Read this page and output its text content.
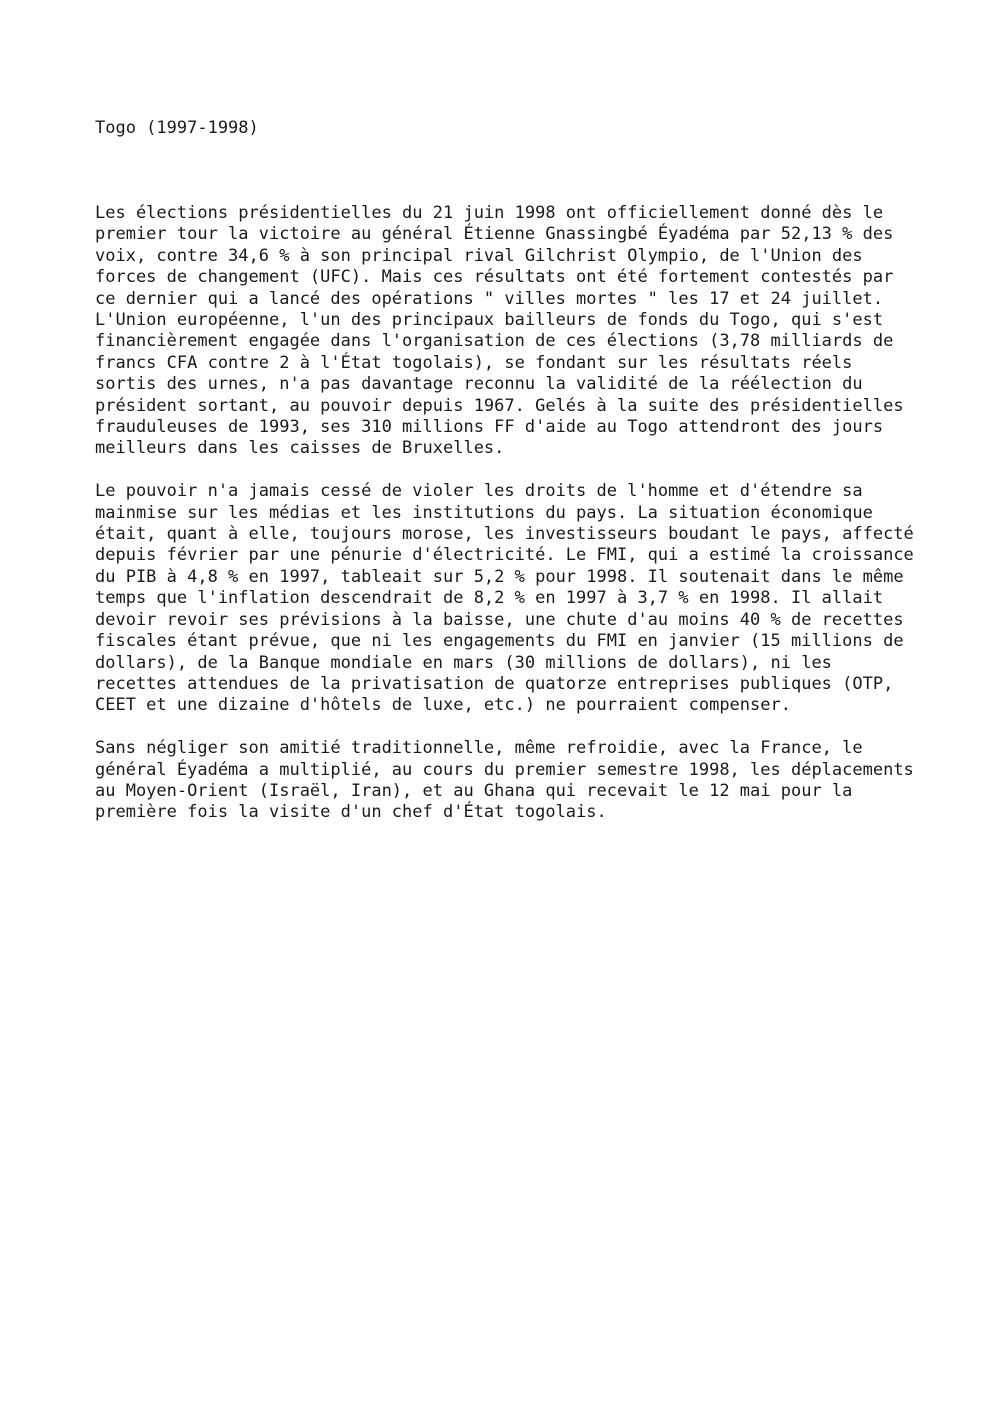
Togo (1997-1998)

Les élections présidentielles du 21 juin 1998 ont officiellement donné dès le
premier tour la victoire au général Étienne Gnassingbé Éyadéma par 52,13 % des
voix, contre 34,6 % à son principal rival Gilchrist Olympio, de l'Union des
forces de changement (UFC). Mais ces résultats ont été fortement contestés par
ce dernier qui a lancé des opérations " villes mortes " les 17 et 24 juillet.
L'Union européenne, l'un des principaux bailleurs de fonds du Togo, qui s'est
financièrement engagée dans l'organisation de ces élections (3,78 milliards de
francs CFA contre 2 à l'État togolais), se fondant sur les résultats réels
sortis des urnes, n'a pas davantage reconnu la validité de la réélection du
président sortant, au pouvoir depuis 1967. Gelés à la suite des présidentielles
frauduleuses de 1993, ses 310 millions FF d'aide au Togo attendront des jours
meilleurs dans les caisses de Bruxelles.

Le pouvoir n'a jamais cessé de violer les droits de l'homme et d'étendre sa
mainmise sur les médias et les institutions du pays. La situation économique
était, quant à elle, toujours morose, les investisseurs boudant le pays, affecté
depuis février par une pénurie d'électricité. Le FMI, qui a estimé la croissance
du PIB à 4,8 % en 1997, tableait sur 5,2 % pour 1998. Il soutenait dans le même
temps que l'inflation descendrait de 8,2 % en 1997 à 3,7 % en 1998. Il allait
devoir revoir ses prévisions à la baisse, une chute d'au moins 40 % de recettes
fiscales étant prévue, que ni les engagements du FMI en janvier (15 millions de
dollars), de la Banque mondiale en mars (30 millions de dollars), ni les
recettes attendues de la privatisation de quatorze entreprises publiques (OTP,
CEET et une dizaine d'hôtels de luxe, etc.) ne pourraient compenser.

Sans négliger son amitié traditionnelle, même refroidie, avec la France, le
général Éyadéma a multiplié, au cours du premier semestre 1998, les déplacements
au Moyen-Orient (Israël, Iran), et au Ghana qui recevait le 12 mai pour la
première fois la visite d'un chef d'État togolais.
